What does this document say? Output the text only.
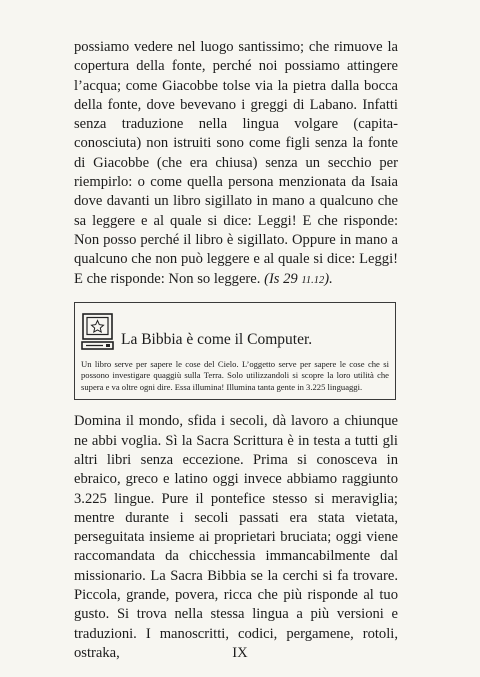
possiamo vedere nel luogo santissimo; che rimuove la copertura della fonte, perché noi possiamo attingere l’acqua; come Giacobbe tolse via la pietra dalla bocca della fonte, dove bevevano i greggi di Labano. Infatti senza traduzione nella lingua volgare (capita-conosciuta) non istruiti sono come figli senza la fonte di Giacobbe (che era chiusa) senza un secchio per riempirlo: o come quella persona menzionata da Isaia dove davanti un libro sigillato in mano a qualcuno che sa leggere e al quale si dice: Leggi! E che risponde: Non posso perché il libro è sigillato. Oppure in mano a qualcuno che non può leggere e al quale si dice: Leggi! E che risponde: Non so leggere. (Is 29 11.12).

La Bibbia è come il Computer.

Un libro serve per sapere le cose del Cielo. L’oggetto serve per sapere le cose che si possono investigare quaggiù sulla Terra. Solo utilizzandoli si scopre la loro utilità che supera e va oltre ogni dire. Essa illumina! Illumina tanta gente in 3.225 linguaggi.

Domina il mondo, sfida i secoli, dà lavoro a chiunque ne abbi voglia. Sì la Sacra Scrittura è in testa a tutti gli altri libri senza eccezione. Prima si conosceva in ebraico, greco e latino oggi invece abbiamo raggiunto 3.225 lingue. Pure il pontefice stesso si meraviglia; mentre durante i secoli passati era stata vietata, perseguitata insieme ai proprietari bruciata; oggi viene raccomandata da chicchessia immancabilmente dal missionario. La Sacra Bibbia se la cerchi si fa trovare. Piccola, grande, povera, ricca che più risponde al tuo gusto. Si trova nella stessa lingua a più versioni e traduzioni. I manoscritti, codici, pergamene, rotoli, ostraka,	IX
